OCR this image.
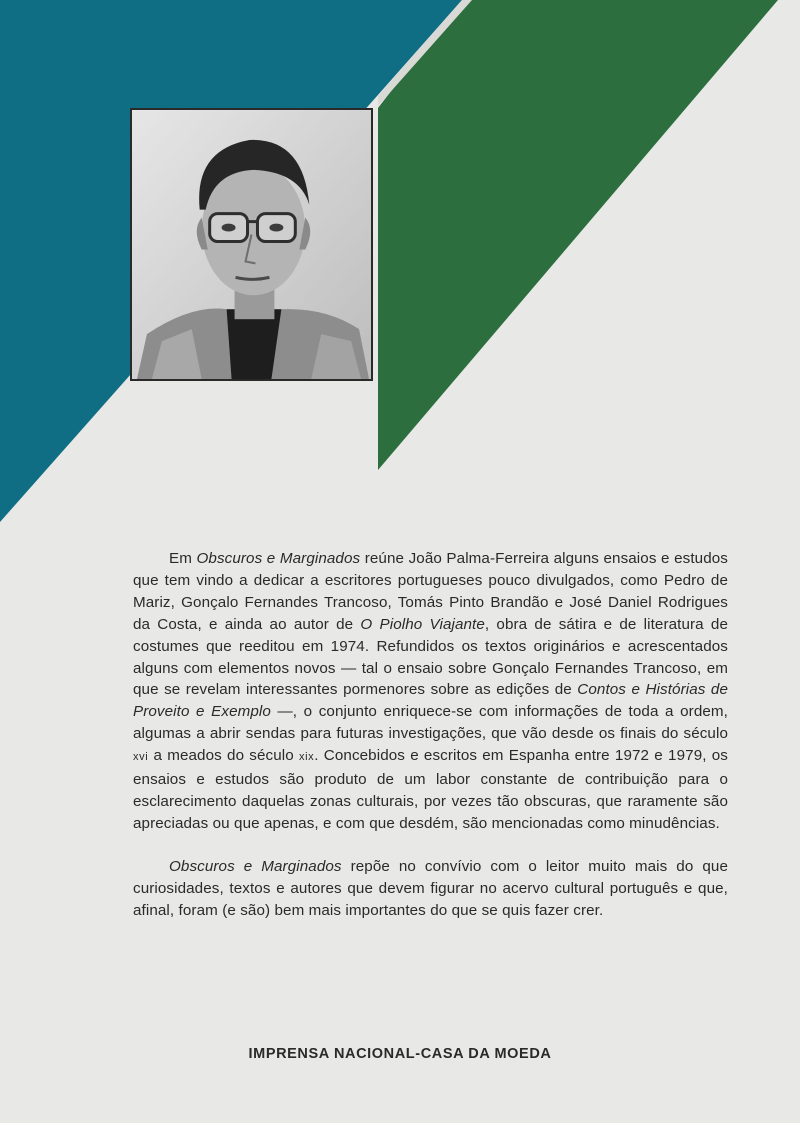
Em Obscuros e Marginados reúne João Palma-Ferreira alguns ensaios e estudos que tem vindo a dedicar a escritores portugueses pouco divulgados, como Pedro de Mariz, Gonçalo Fernandes Trancoso, Tomás Pinto Brandão e José Daniel Rodrigues da Costa, e ainda ao autor de O Piolho Viajante, obra de sátira e de literatura de costumes que reeditou em 1974. Refundidos os textos originários e acrescentados alguns com elementos novos — tal o ensaio sobre Gonçalo Fernandes Trancoso, em que se revelam interessantes pormenores sobre as edições de Contos e Histórias de Proveito e Exemplo —, o conjunto enriquece-se com informações de toda a ordem, algumas a abrir sendas para futuras investigações, que vão desde os finais do século xvi a meados do século xix. Concebidos e escritos em Espanha entre 1972 e 1979, os ensaios e estudos são produto de um labor constante de contribuição para o esclarecimento daquelas zonas culturais, por vezes tão obscuras, que raramente são apreciadas ou que apenas, e com que desdém, são mencionadas como minudências.

Obscuros e Marginados repõe no convívio com o leitor muito mais do que curiosidades, textos e autores que devem figurar no acervo cultural português e que, afinal, foram (e são) bem mais importantes do que se quis fazer crer.

IMPRENSA NACIONAL-CASA DA MOEDA
